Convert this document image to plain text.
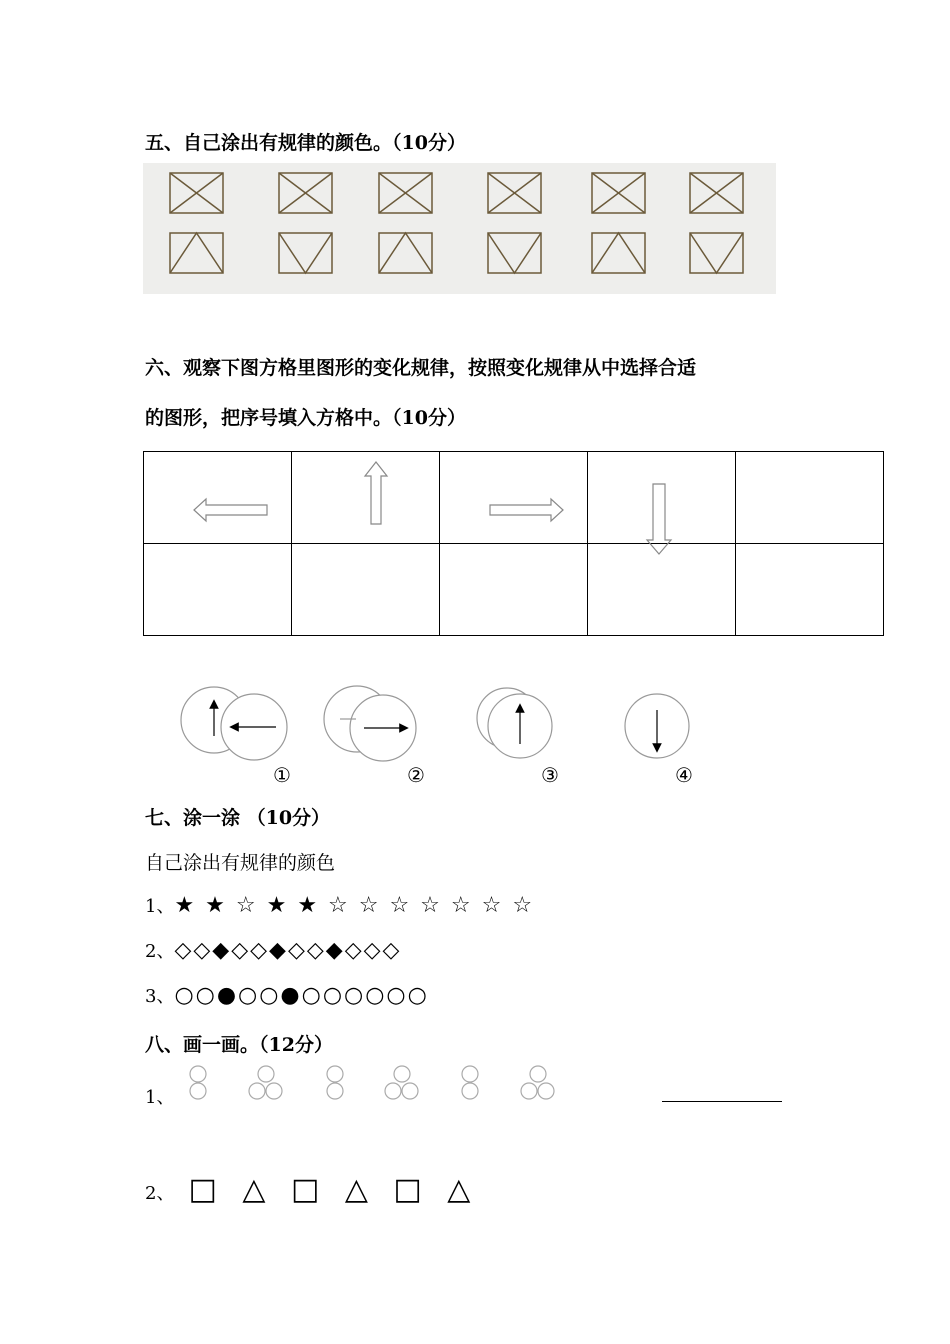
五、自己涂出有规律的颜色。（10分）
六、观察下图方格里图形的变化规律，按照变化规律从中选择合适
的图形，把序号填入方格中。（10分）

①	②	③	④
七、涂一涂 （10分）
自己涂出有规律的颜色
1、★ ★ ☆ ★ ★ ☆ ☆ ☆ ☆ ☆ ☆ ☆
2、◇◇◆◇◇◆◇◇◆◇◇◇
3、○○●○○●○○○○○○
八、画一画。（12分）
1、
2、 □ △ □ △ □ △
